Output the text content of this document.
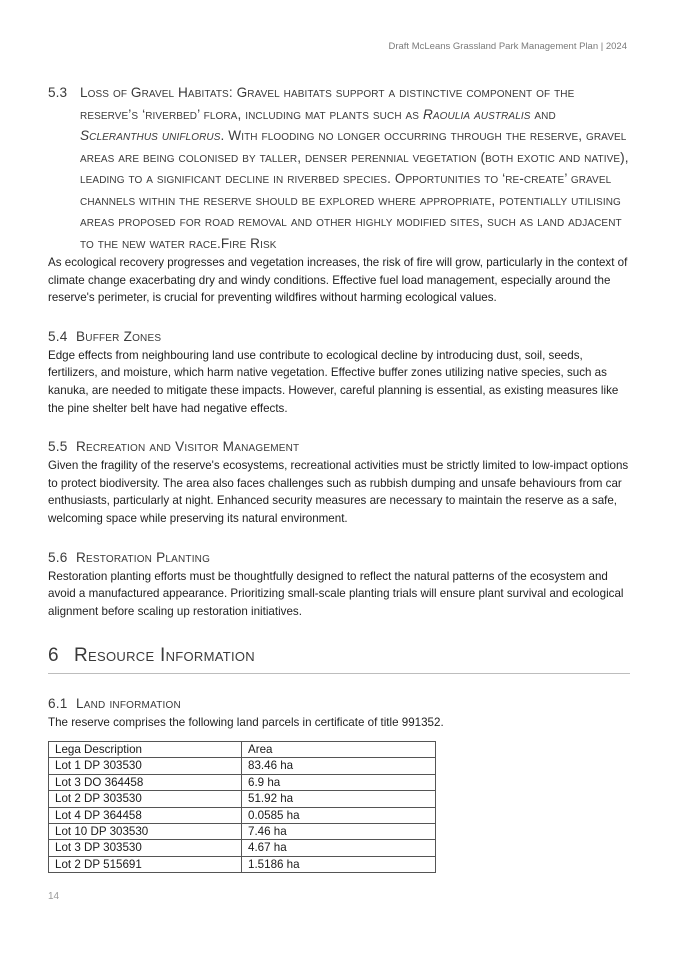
Draft McLeans Grassland Park Management Plan | 2024
5.3 Loss of Gravel Habitats: Gravel habitats support a distinctive component of the reserve’s ‘riverbed’ flora, including mat plants such as Raoulia australis and Scleranthus uniflorus. With flooding no longer occurring through the reserve, gravel areas are being colonised by taller, denser perennial vegetation (both exotic and native), leading to a significant decline in riverbed species. Opportunities to ‘re-create’ gravel channels within the reserve should be explored where appropriate, potentially utilising areas proposed for road removal and other highly modified sites, such as land adjacent to the new water race.Fire Risk

As ecological recovery progresses and vegetation increases, the risk of fire will grow, particularly in the context of climate change exacerbating dry and windy conditions. Effective fuel load management, especially around the reserve's perimeter, is crucial for preventing wildfires without harming ecological values.

5.4 Buffer Zones

Edge effects from neighbouring land use contribute to ecological decline by introducing dust, soil, seeds, fertilizers, and moisture, which harm native vegetation. Effective buffer zones utilizing native species, such as kanuka, are needed to mitigate these impacts. However, careful planning is essential, as existing measures like the pine shelter belt have had negative effects.

5.5 Recreation and Visitor Management

Given the fragility of the reserve's ecosystems, recreational activities must be strictly limited to low-impact options to protect biodiversity. The area also faces challenges such as rubbish dumping and unsafe behaviours from car enthusiasts, particularly at night. Enhanced security measures are necessary to maintain the reserve as a safe, welcoming space while preserving its natural environment.

5.6 Restoration Planting

Restoration planting efforts must be thoughtfully designed to reflect the natural patterns of the ecosystem and avoid a manufactured appearance. Prioritizing small-scale planting trials will ensure plant survival and ecological alignment before scaling up restoration initiatives.

6 Resource Information
6.1 Land information

The reserve comprises the following land parcels in certificate of title 991352.

Lega Description	Area
Lot 1 DP 303530	83.46 ha
Lot 3 DO 364458	6.9 ha
Lot 2 DP 303530	51.92 ha
Lot 4 DP 364458	0.0585 ha
Lot 10 DP 303530	7.46 ha
Lot 3 DP 303530	4.67 ha
Lot 2 DP 515691	1.5186 ha
14
